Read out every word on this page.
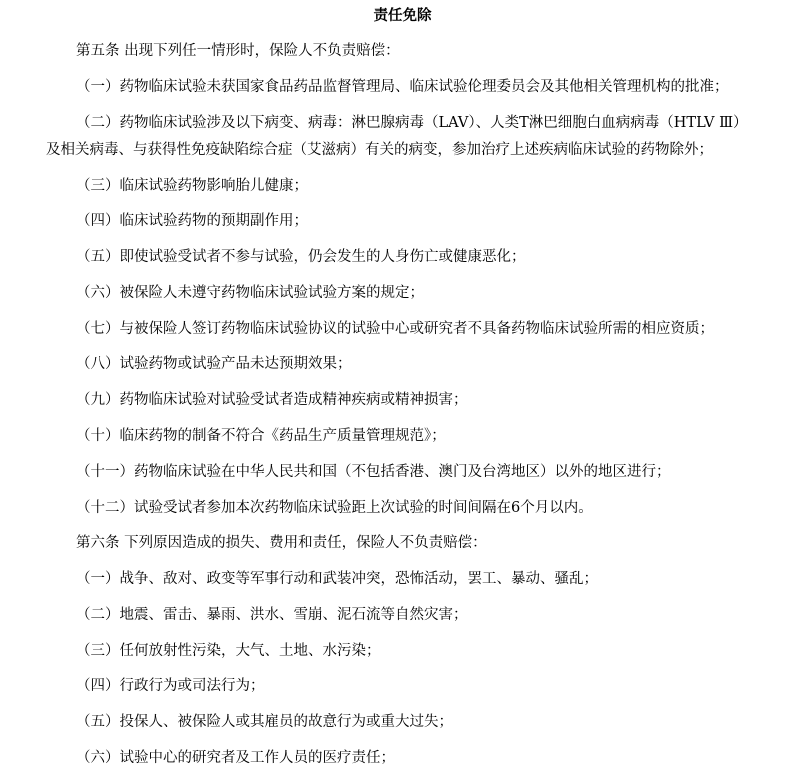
责任免除
第五条 出现下列任一情形时，保险人不负责赔偿：
（一）药物临床试验未获国家食品药品监督管理局、临床试验伦理委员会及其他相关管理机构的批准；
（二）药物临床试验涉及以下病变、病毒：淋巴腺病毒（LAV）、人类T淋巴细胞白血病病毒（HTLV Ⅲ）
及相关病毒、与获得性免疫缺陷综合症（艾滋病）有关的病变，参加治疗上述疾病临床试验的药物除外；
（三）临床试验药物影响胎儿健康；
（四）临床试验药物的预期副作用；
（五）即使试验受试者不参与试验，仍会发生的人身伤亡或健康恶化；
（六）被保险人未遵守药物临床试验试验方案的规定；
（七）与被保险人签订药物临床试验协议的试验中心或研究者不具备药物临床试验所需的相应资质；
（八）试验药物或试验产品未达预期效果；
（九）药物临床试验对试验受试者造成精神疾病或精神损害；
（十）临床药物的制备不符合《药品生产质量管理规范》；
（十一）药物临床试验在中华人民共和国（不包括香港、澳门及台湾地区）以外的地区进行；
（十二）试验受试者参加本次药物临床试验距上次试验的时间间隔在6个月以内。
第六条 下列原因造成的损失、费用和责任，保险人不负责赔偿：
（一）战争、敌对、政变等军事行动和武装冲突，恐怖活动，罢工、暴动、骚乱；
（二）地震、雷击、暴雨、洪水、雪崩、泥石流等自然灾害；
（三）任何放射性污染，大气、土地、水污染；
（四）行政行为或司法行为；
（五）投保人、被保险人或其雇员的故意行为或重大过失；
（六）试验中心的研究者及工作人员的医疗责任；
